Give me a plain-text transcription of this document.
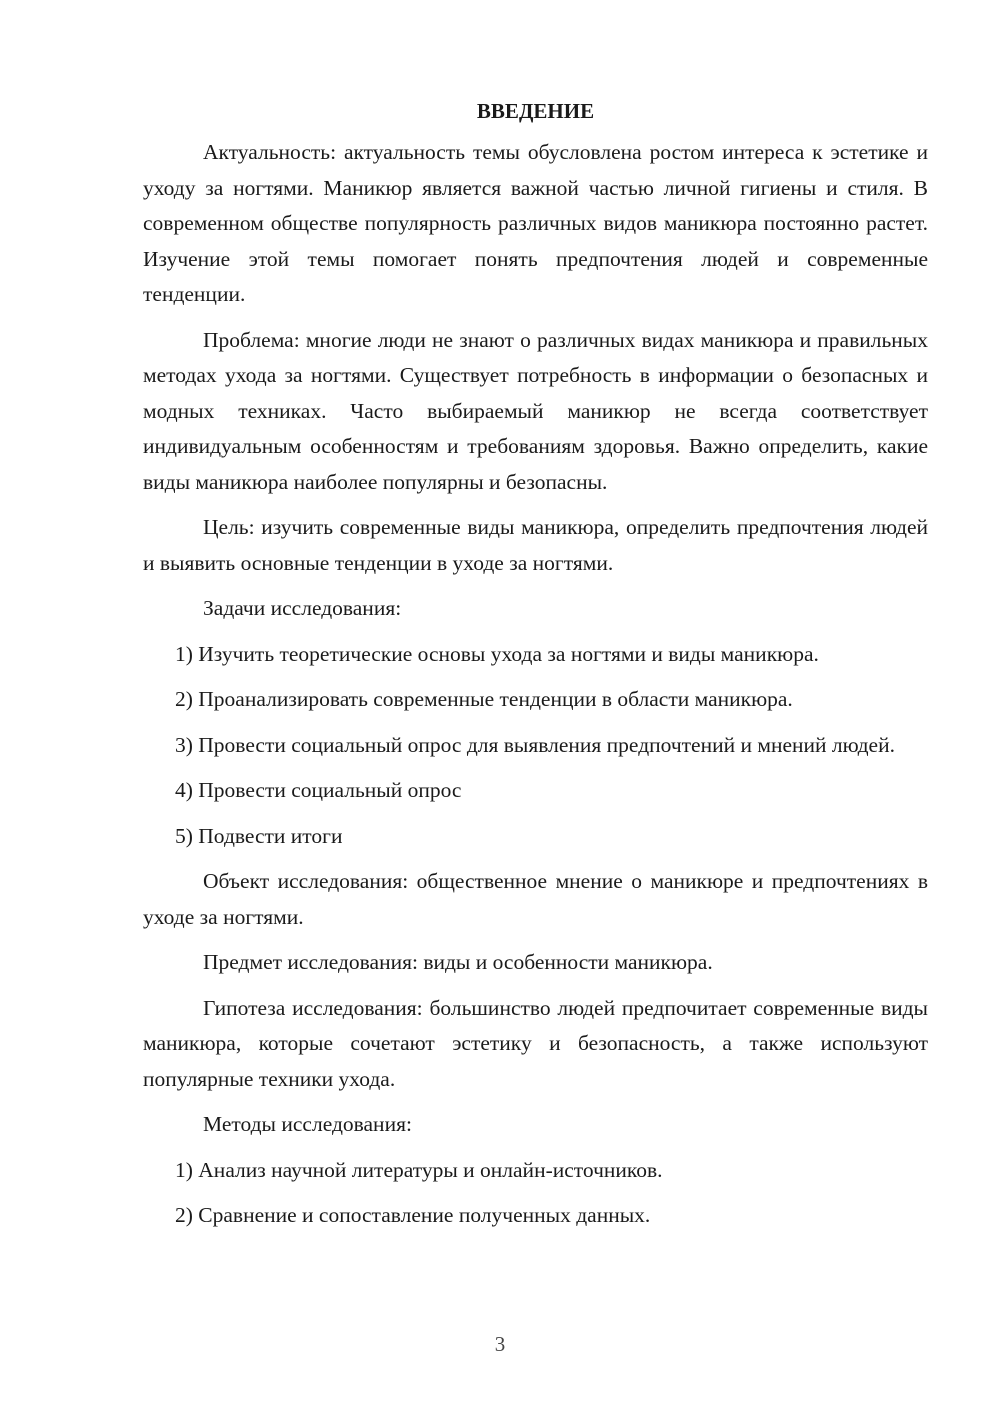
ВВЕДЕНИЕ

Актуальность: актуальность темы обусловлена ростом интереса к эстетике и уходу за ногтями. Маникюр является важной частью личной гигиены и стиля. В современном обществе популярность различных видов маникюра постоянно растет. Изучение этой темы помогает понять предпочтения людей и современные тенденции.

Проблема: многие люди не знают о различных видах маникюра и правильных методах ухода за ногтями. Существует потребность в информации о безопасных и модных техниках. Часто выбираемый маникюр не всегда соответствует индивидуальным особенностям и требованиям здоровья. Важно определить, какие виды маникюра наиболее популярны и безопасны.

Цель: изучить современные виды маникюра, определить предпочтения людей и выявить основные тенденции в уходе за ногтями.

Задачи исследования:

1) Изучить теоретические основы ухода за ногтями и виды маникюра.

2) Проанализировать современные тенденции в области маникюра.

3) Провести социальный опрос для выявления предпочтений и мнений людей.

4) Провести социальный опрос

5) Подвести итоги

Объект исследования: общественное мнение о маникюре и предпочтениях в уходе за ногтями.

Предмет исследования: виды и особенности маникюра.

Гипотеза исследования: большинство людей предпочитает современные виды маникюра, которые сочетают эстетику и безопасность, а также используют популярные техники ухода.

Методы исследования:

1) Анализ научной литературы и онлайн-источников.

2) Сравнение и сопоставление полученных данных.

3
